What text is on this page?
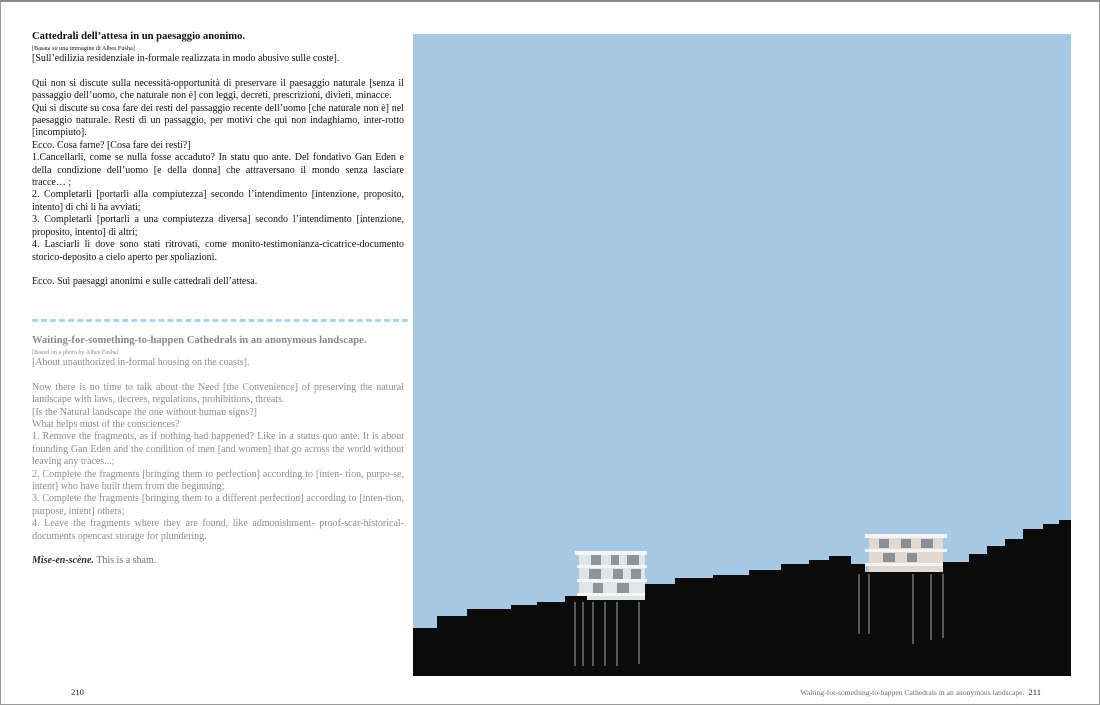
Cattedrali dell’attesa in un paesaggio anonimo.
[Basata su una immagine di Albes Fusha]
[Sull’edilizia residenziale in-formale realizzata in modo abusivo sulle coste].

Qui non si discute sulla necessità-opportunità di preservare il paesaggio naturale [senza il passaggio dell’uomo, che naturale non è] con leggi, decreti, prescrizioni, divieti, minacce.

Qui si discute su cosa fare dei resti del passaggio recente dell’uomo [che naturale non è] nel paesaggio naturale. Resti di un passaggio, per motivi che qui non indaghiamo, inter-rotto [incompiuto].

Ecco. Cosa farne? [Cosa fare dei resti?]

1.Cancellarli, come se nulla fosse accaduto? In statu quo ante. Del fondativo Gan Eden e della condizione dell’uomo [e della donna] che attraversano il mondo senza lasciare tracce… ;

2. Completarli [portarli alla compiutezza] secondo l’intendimento [intenzione, proposito, intento] di chi li ha avviati;

3. Completarli [portarli a una compiutezza diversa] secondo l’intendimento [intenzione, proposito, intento] di altri;

4. Lasciarli lì dove sono stati ritrovati, come monito-testimonianza-cicatrice-documento storico-deposito a cielo aperto per spoliazioni.

Ecco. Sui paesaggi anonimi e sulle cattedrali dell’attesa.

Waiting-for-something-to-happen Cathedrals in an anonymous landscape.
[Based on a photo by Albes Fusha]
[About unauthorized in-formal housing on the coasts].

Now there is no time to talk about the Need [the Convenience] of preserving the natural landscape with laws, decrees, regulations, prohibitions, threats.

[Is the Natural landscape the one without human signs?]

What helps most of the consciences?

1. Remove the fragments, as if nothing had happened? Like in a status quo ante. It is about founding Gan Eden and the condition of men [and women] that go across the world without leaving any traces...;

2. Complete the fragments [bringing them to perfection] according to [inten- tion, purpo-se, intent] who have built them from the beginning;

3. Complete the fragments [bringing them to a different perfection] according to [inten-tion, purpose, intent] others;

4. Leave the fragments where they are found, like admonishment- proof-scar-historical-documents opencast storage for plundering.

Mise-en-scène. This is a sham.

210	Waiting-for-something-to-happen Cathedrals in an anonymous landscape. 211
